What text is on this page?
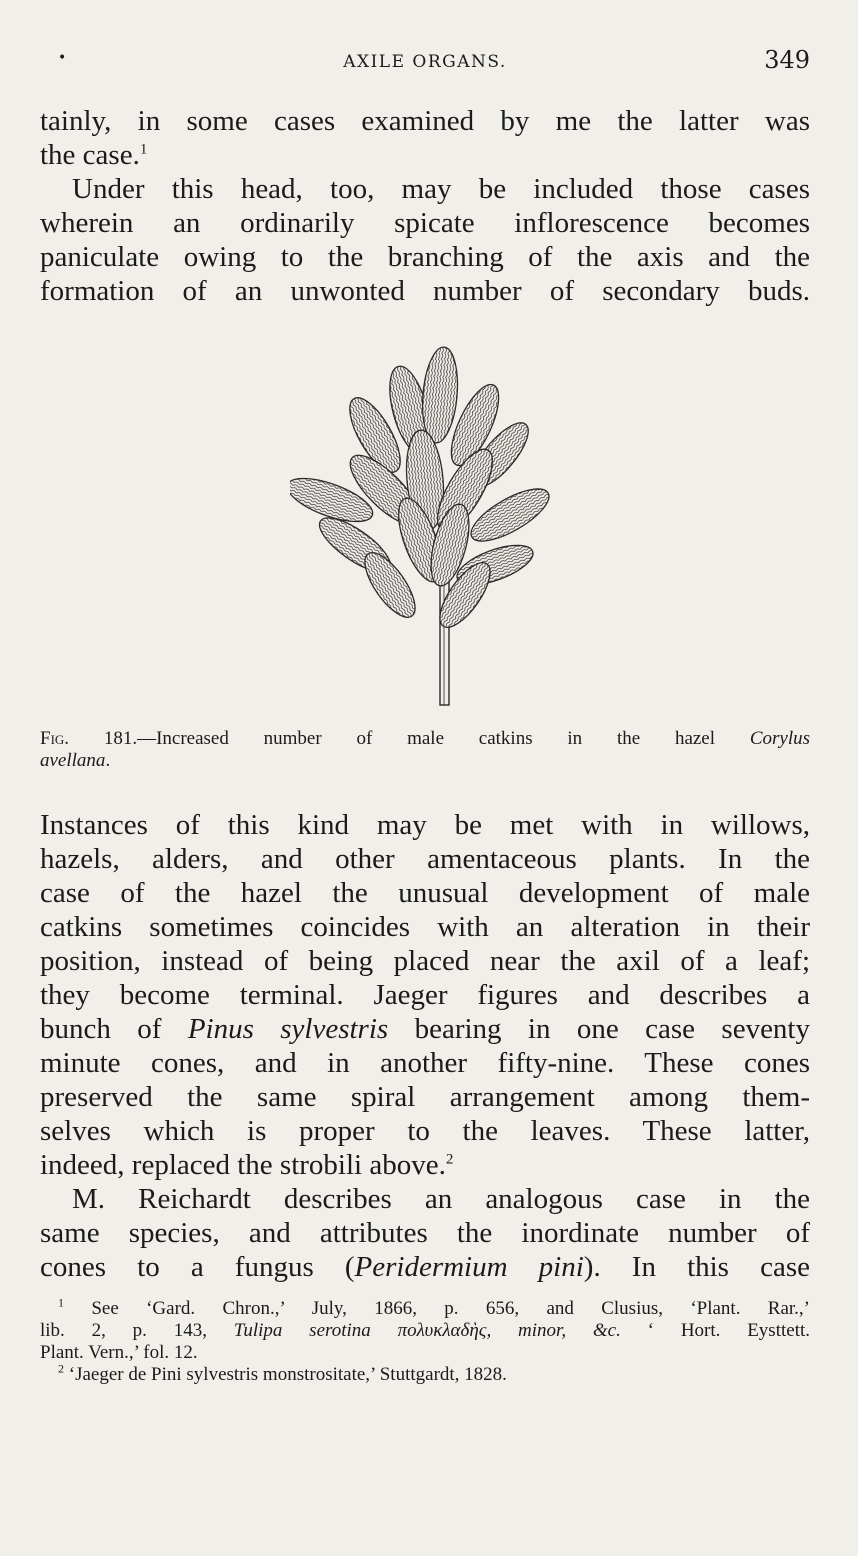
•	AXILE ORGANS.	349
tainly, in some cases examined by me the latter was
the case.$^1$
Under this head, too, may be included those cases
wherein an ordinarily spicate inflorescence becomes
paniculate owing to the branching of the axis and the
formation of an unwonted number of secondary buds.
Fig. 181.—Increased number of male catkins in the hazel Corylus
avellana.
Instances of this kind may be met with in willows,
hazels, alders, and other amentaceous plants. In the
case of the hazel the unusual development of male
catkins sometimes coincides with an alteration in their
position, instead of being placed near the axil of a leaf;
they become terminal. Jaeger figures and describes a
bunch of Pinus sylvestris bearing in one case seventy
minute cones, and in another fifty-nine. These cones
preserved the same spiral arrangement among them-
selves which is proper to the leaves. These latter,
indeed, replaced the strobili above.$^2$
M. Reichardt describes an analogous case in the
same species, and attributes the inordinate number of
cones to a fungus (Peridermium pini). In this case
$^1$ See ‘Gard. Chron.,’ July, 1866, p. 656, and Clusius, ‘Plant. Rar.,’
lib. 2, p. 143, Tulipa serotina πολυκλαδὴς, minor, &c. ‘ Hort. Eysttett.
Plant. Vern.,’ fol. 12.
$^2$ ‘Jaeger de Pini sylvestris monstrositate,’ Stuttgardt, 1828.
